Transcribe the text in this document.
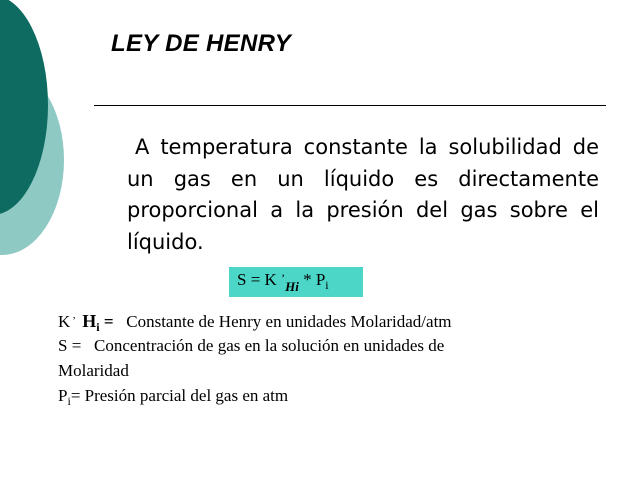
LEY DE HENRY
A temperatura constante la solubilidad de un gas en un líquido es directamente proporcional a la presión del gas sobre el líquido.
S = K $’_{Hi} * P_i$
K ’ $H_i$ =   Constante de Henry en unidades Molaridad/atm
S =   Concentración de gas en la solución en unidades de
Molaridad
$P_i=$ Presión parcial del gas en atm
